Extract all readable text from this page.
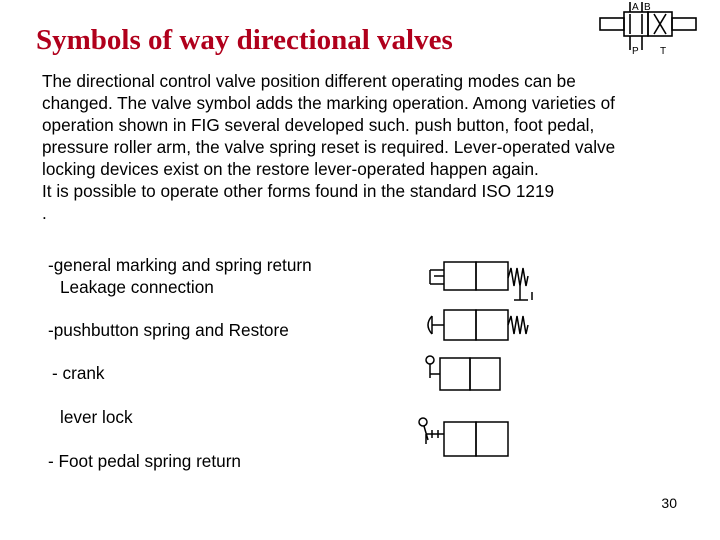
Symbols of way directional valves
A B
P T
The directional control valve position different operating modes can be
changed. The valve symbol adds the marking operation. Among varieties of
operation shown in FIG several developed such. push button, foot pedal,
pressure roller arm, the valve spring reset is required. Lever-operated valve
locking devices exist on the restore lever-operated happen again.
It is possible to operate other forms found in the standard ISO 1219
.
-general marking and spring return
Leakage connection
-pushbutton spring and Restore
- crank
lever lock
- Foot pedal spring return
30
